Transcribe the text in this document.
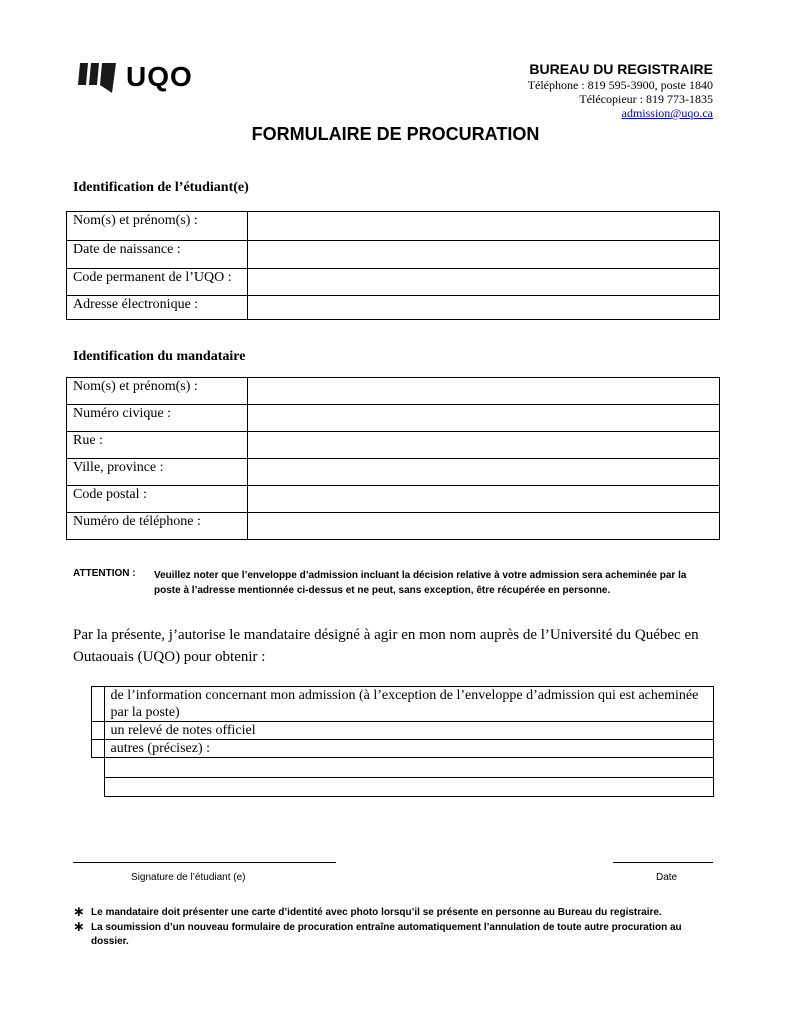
UQO	BUREAU DU REGISTRAIRE
Téléphone : 819 595-3900, poste 1840
Télécopieur : 819 773-1835
admission@uqo.ca
FORMULAIRE DE PROCURATION
Identification de l’étudiant(e)
Nom(s) et prénom(s) :	
Date de naissance :	
Code permanent de l’UQO :	
Adresse électronique :	
Identification du mandataire
Nom(s) et prénom(s) :	
Numéro civique :	
Rue :	
Ville, province :	
Code postal :	
Numéro de téléphone :	
ATTENTION : Veuillez noter que l’enveloppe d’admission incluant la décision relative à votre admission sera acheminée par la poste à l’adresse mentionnée ci-dessus et ne peut, sans exception, être récupérée en personne.
Par la présente, j’autorise le mandataire désigné à agir en mon nom auprès de l’Université du Québec en Outaouais (UQO) pour obtenir :
	de l’information concernant mon admission (à l’exception de l’enveloppe d’admission qui est acheminée par la poste)
	un relevé de notes officiel
	autres (précisez) :

Signature de l’étudiant (e)	Date
∗ Le mandataire doit présenter une carte d’identité avec photo lorsqu’il se présente en personne au Bureau du registraire.
∗ La soumission d’un nouveau formulaire de procuration entraîne automatiquement l’annulation de toute autre procuration au dossier.
